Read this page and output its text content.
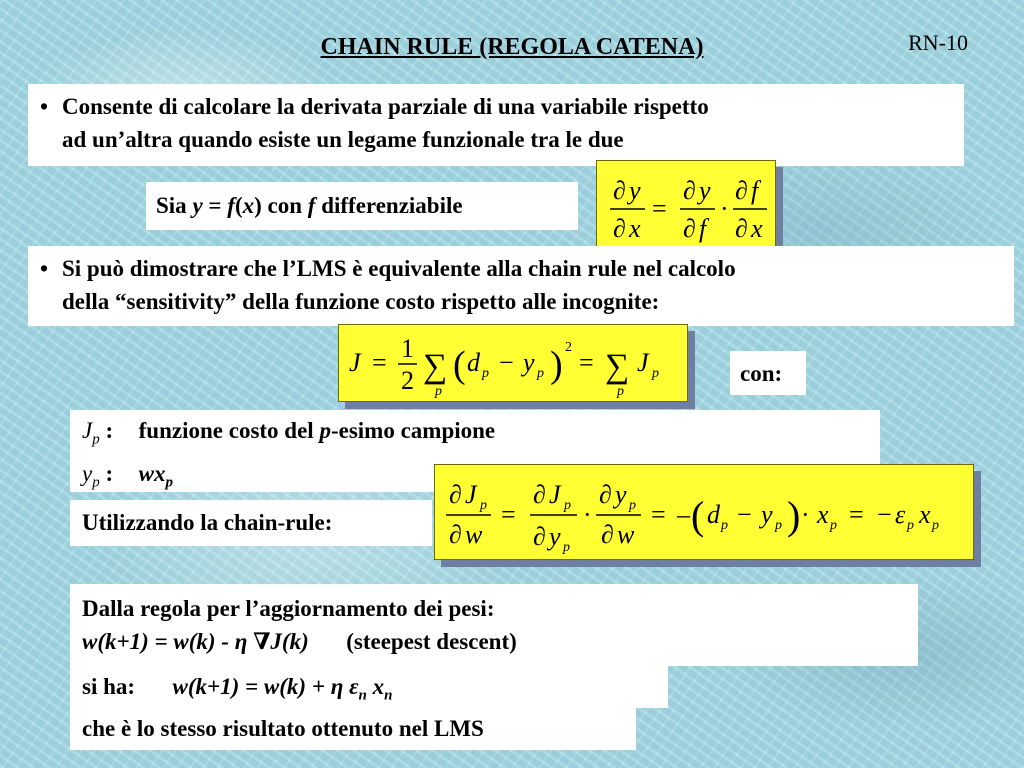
CHAIN RULE (REGOLA CATENA)	RN-10
• Consente di calcolare la derivata parziale di una variabile rispetto
ad un’altra quando esiste un legame funzionale tra le due
Sia y = f(x) con f differenziabile
∂ y
∂ x
=
∂ y
∂ f
·
∂ f
∂ x
• Si può dimostrare che l’LMS è equivalente alla chain rule nel calcolo
della “sensitivity” della funzione costo rispetto alle incognite:
J = 1
2 ∑
p
( d p − y p ) 2
= ∑
p
J p	con:
$J_p$ : funzione costo del p-esimo campione
$y_p$ : $wx_p$
Utilizzando la chain-rule:
∂ J p
∂ w
=
∂ J p
∂ y p
·
∂ y p
∂ w
= – ( d p − y p ) · x p = − ε p x p
Dalla regola per l’aggiornamento dei pesi:
w(k+1) = w(k) - η ∇J(k) (steepest descent)
si ha: w(k+1) = w(k) + η $\varepsilon_n$ $x_n$
che è lo stesso risultato ottenuto nel LMS
